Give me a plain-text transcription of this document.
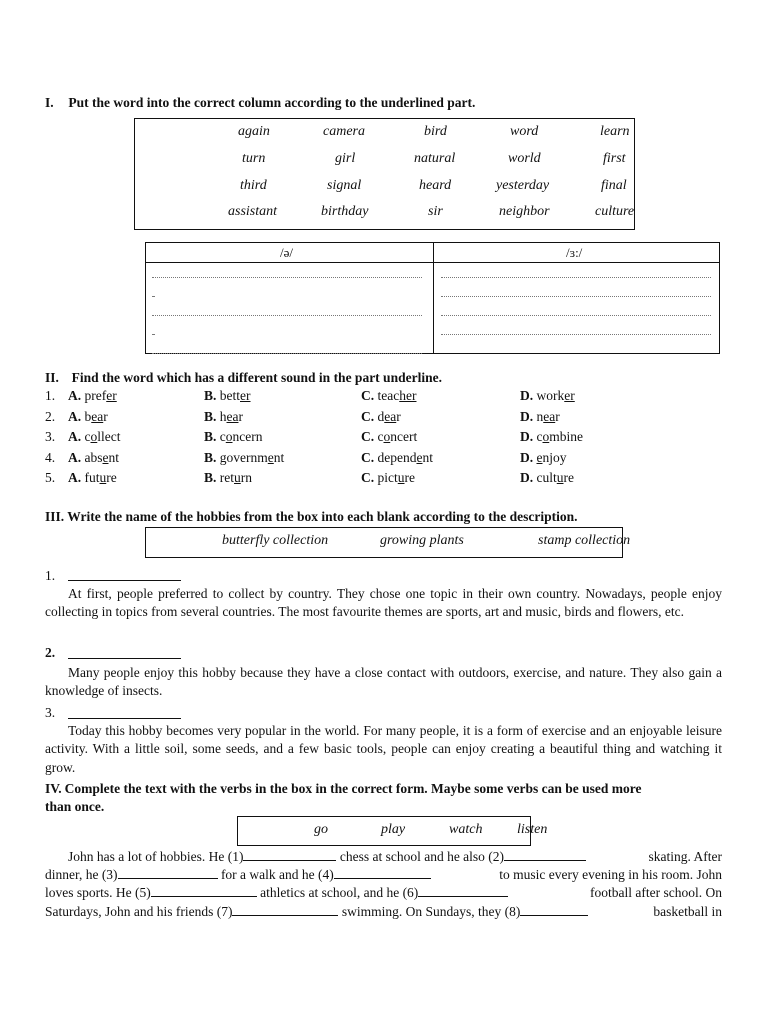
I. Put the word into the correct column according to the underlined part.
again	camera	bird	word	learn
turn	girl	natural	world	first
third	signal	heard	yesterday	final
assistant	birthday	sir	neighbor	culture
/ə/	/ɜ:/
II. Find the word which has a different sound in the part underline.
1. A. prefer	B. better	C. teacher	D. worker
2. A. bear	B. hear	C. dear	D. near
3. A. collect	B. concern	C. concert	D. combine
4. A. absent	B. government	C. dependent	D. enjoy
5. A. future	B. return	C. picture	D. culture
III. Write the name of the hobbies from the box into each blank according to the description.
butterfly collection	growing plants	stamp collection
1.
At first, people preferred to collect by country. They chose one topic in their own country. Nowadays, people enjoy collecting in topics from several countries. The most favourite themes are sports, art and music, birds and flowers, etc.
2.
Many people enjoy this hobby because they have a close contact with outdoors, exercise, and nature. They also gain a knowledge of insects.
3.
Today this hobby becomes very popular in the world. For many people, it is a form of exercise and an enjoyable leisure activity. With a little soil, some seeds, and a few basic tools, people can enjoy creating a beautiful thing and watching it grow.
IV. Complete the text with the verbs in the box in the correct form. Maybe some verbs can be used more
than once.
go	play	watch listen
John has a lot of hobbies. He (1)	chess at school and he also (2)	skating. After
dinner, he (3)	for a walk and he (4)	to music every evening in his room. John
loves sports. He (5)	athletics at school, and he (6)	football after school. On
Saturdays, John and his friends (7)	swimming. On Sundays, they (8)	basketball in
